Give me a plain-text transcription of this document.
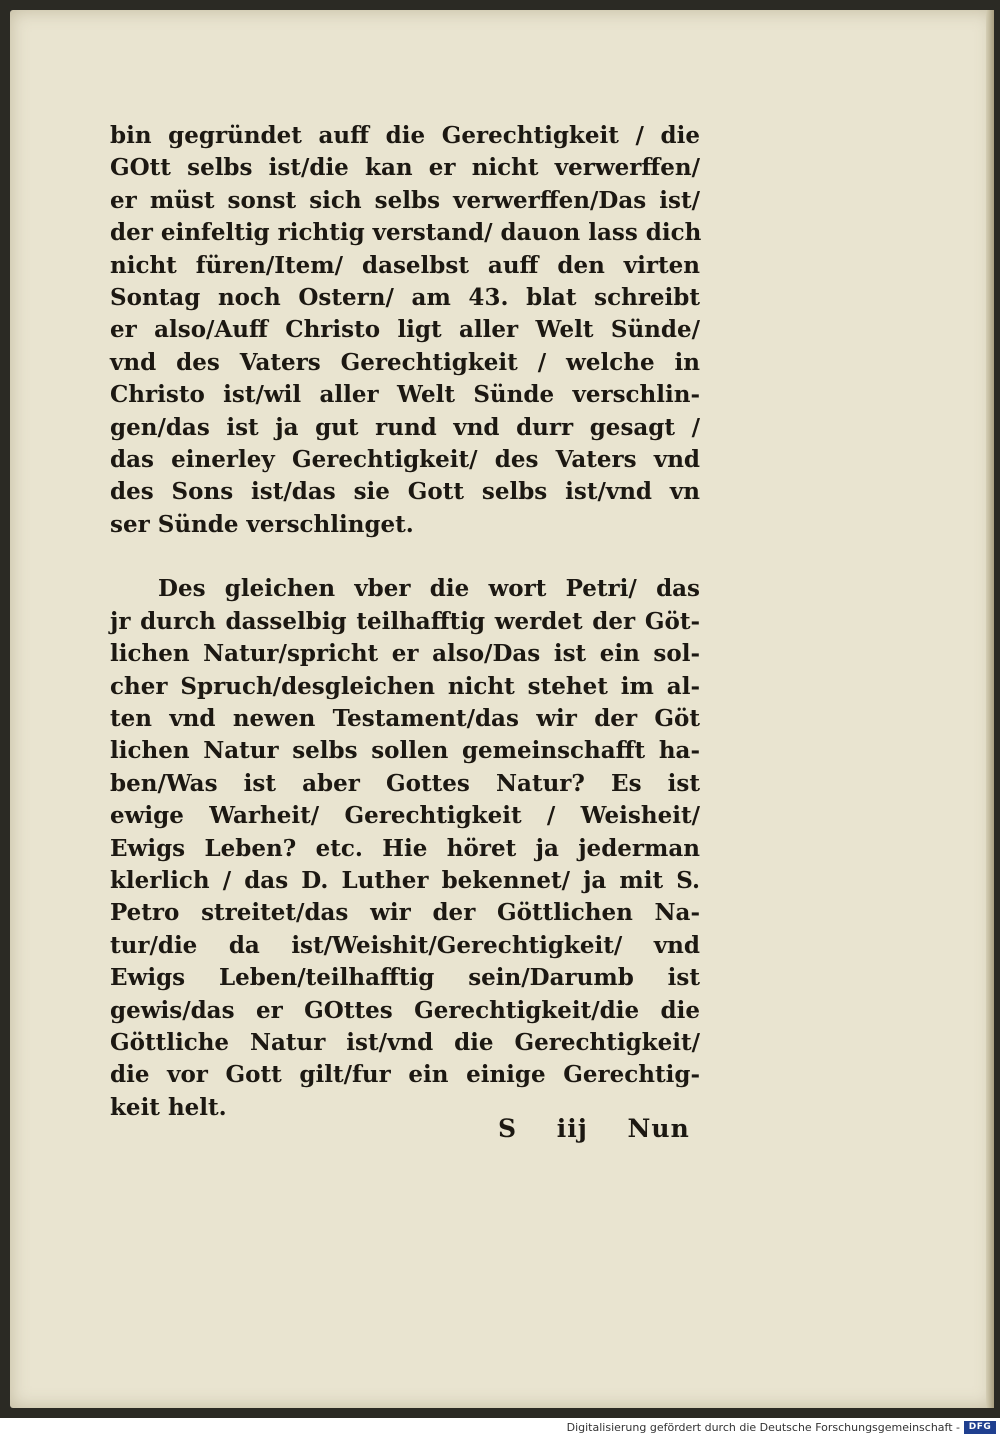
bin gegründet auff die Gerechtigkeit / die
GOtt selbs ist/die kan er nicht verwerffen/
er müst sonst sich selbs verwerffen/Das ist/
der einfeltig richtig verstand/ dauon lass dich
nicht füren/Item/ daselbst auff den virten
Sontag noch Ostern/ am 43. blat schreibt
er also/Auff Christo ligt aller Welt Sünde/
vnd des Vaters Gerechtigkeit / welche in
Christo ist/wil aller Welt Sünde verschlin-
gen/das ist ja gut rund vnd durr gesagt /
das einerley Gerechtigkeit/ des Vaters vnd
des Sons ist/das sie Gott selbs ist/vnd vn
ser Sünde verschlinget.
Des gleichen vber die wort Petri/ das
jr durch dasselbig teilhafftig werdet der Göt-
lichen Natur/spricht er also/Das ist ein sol-
cher Spruch/desgleichen nicht stehet im al-
ten vnd newen Testament/das wir der Göt
lichen Natur selbs sollen gemeinschafft ha-
ben/Was ist aber Gottes Natur? Es ist
ewige Warheit/ Gerechtigkeit / Weisheit/
Ewigs Leben? etc. Hie höret ja jederman
klerlich / das D. Luther bekennet/ ja mit S.
Petro streitet/das wir der Göttlichen Na-
tur/die da ist/Weishit/Gerechtigkeit/ vnd
Ewigs Leben/teilhafftig sein/Darumb ist
gewis/das er GOttes Gerechtigkeit/die die
Göttliche Natur ist/vnd die Gerechtigkeit/
die vor Gott gilt/fur ein einige Gerechtig-
keit helt.
S iij Nun
Digitalisierung gefördert durch die Deutsche Forschungsgemeinschaft - DFG
